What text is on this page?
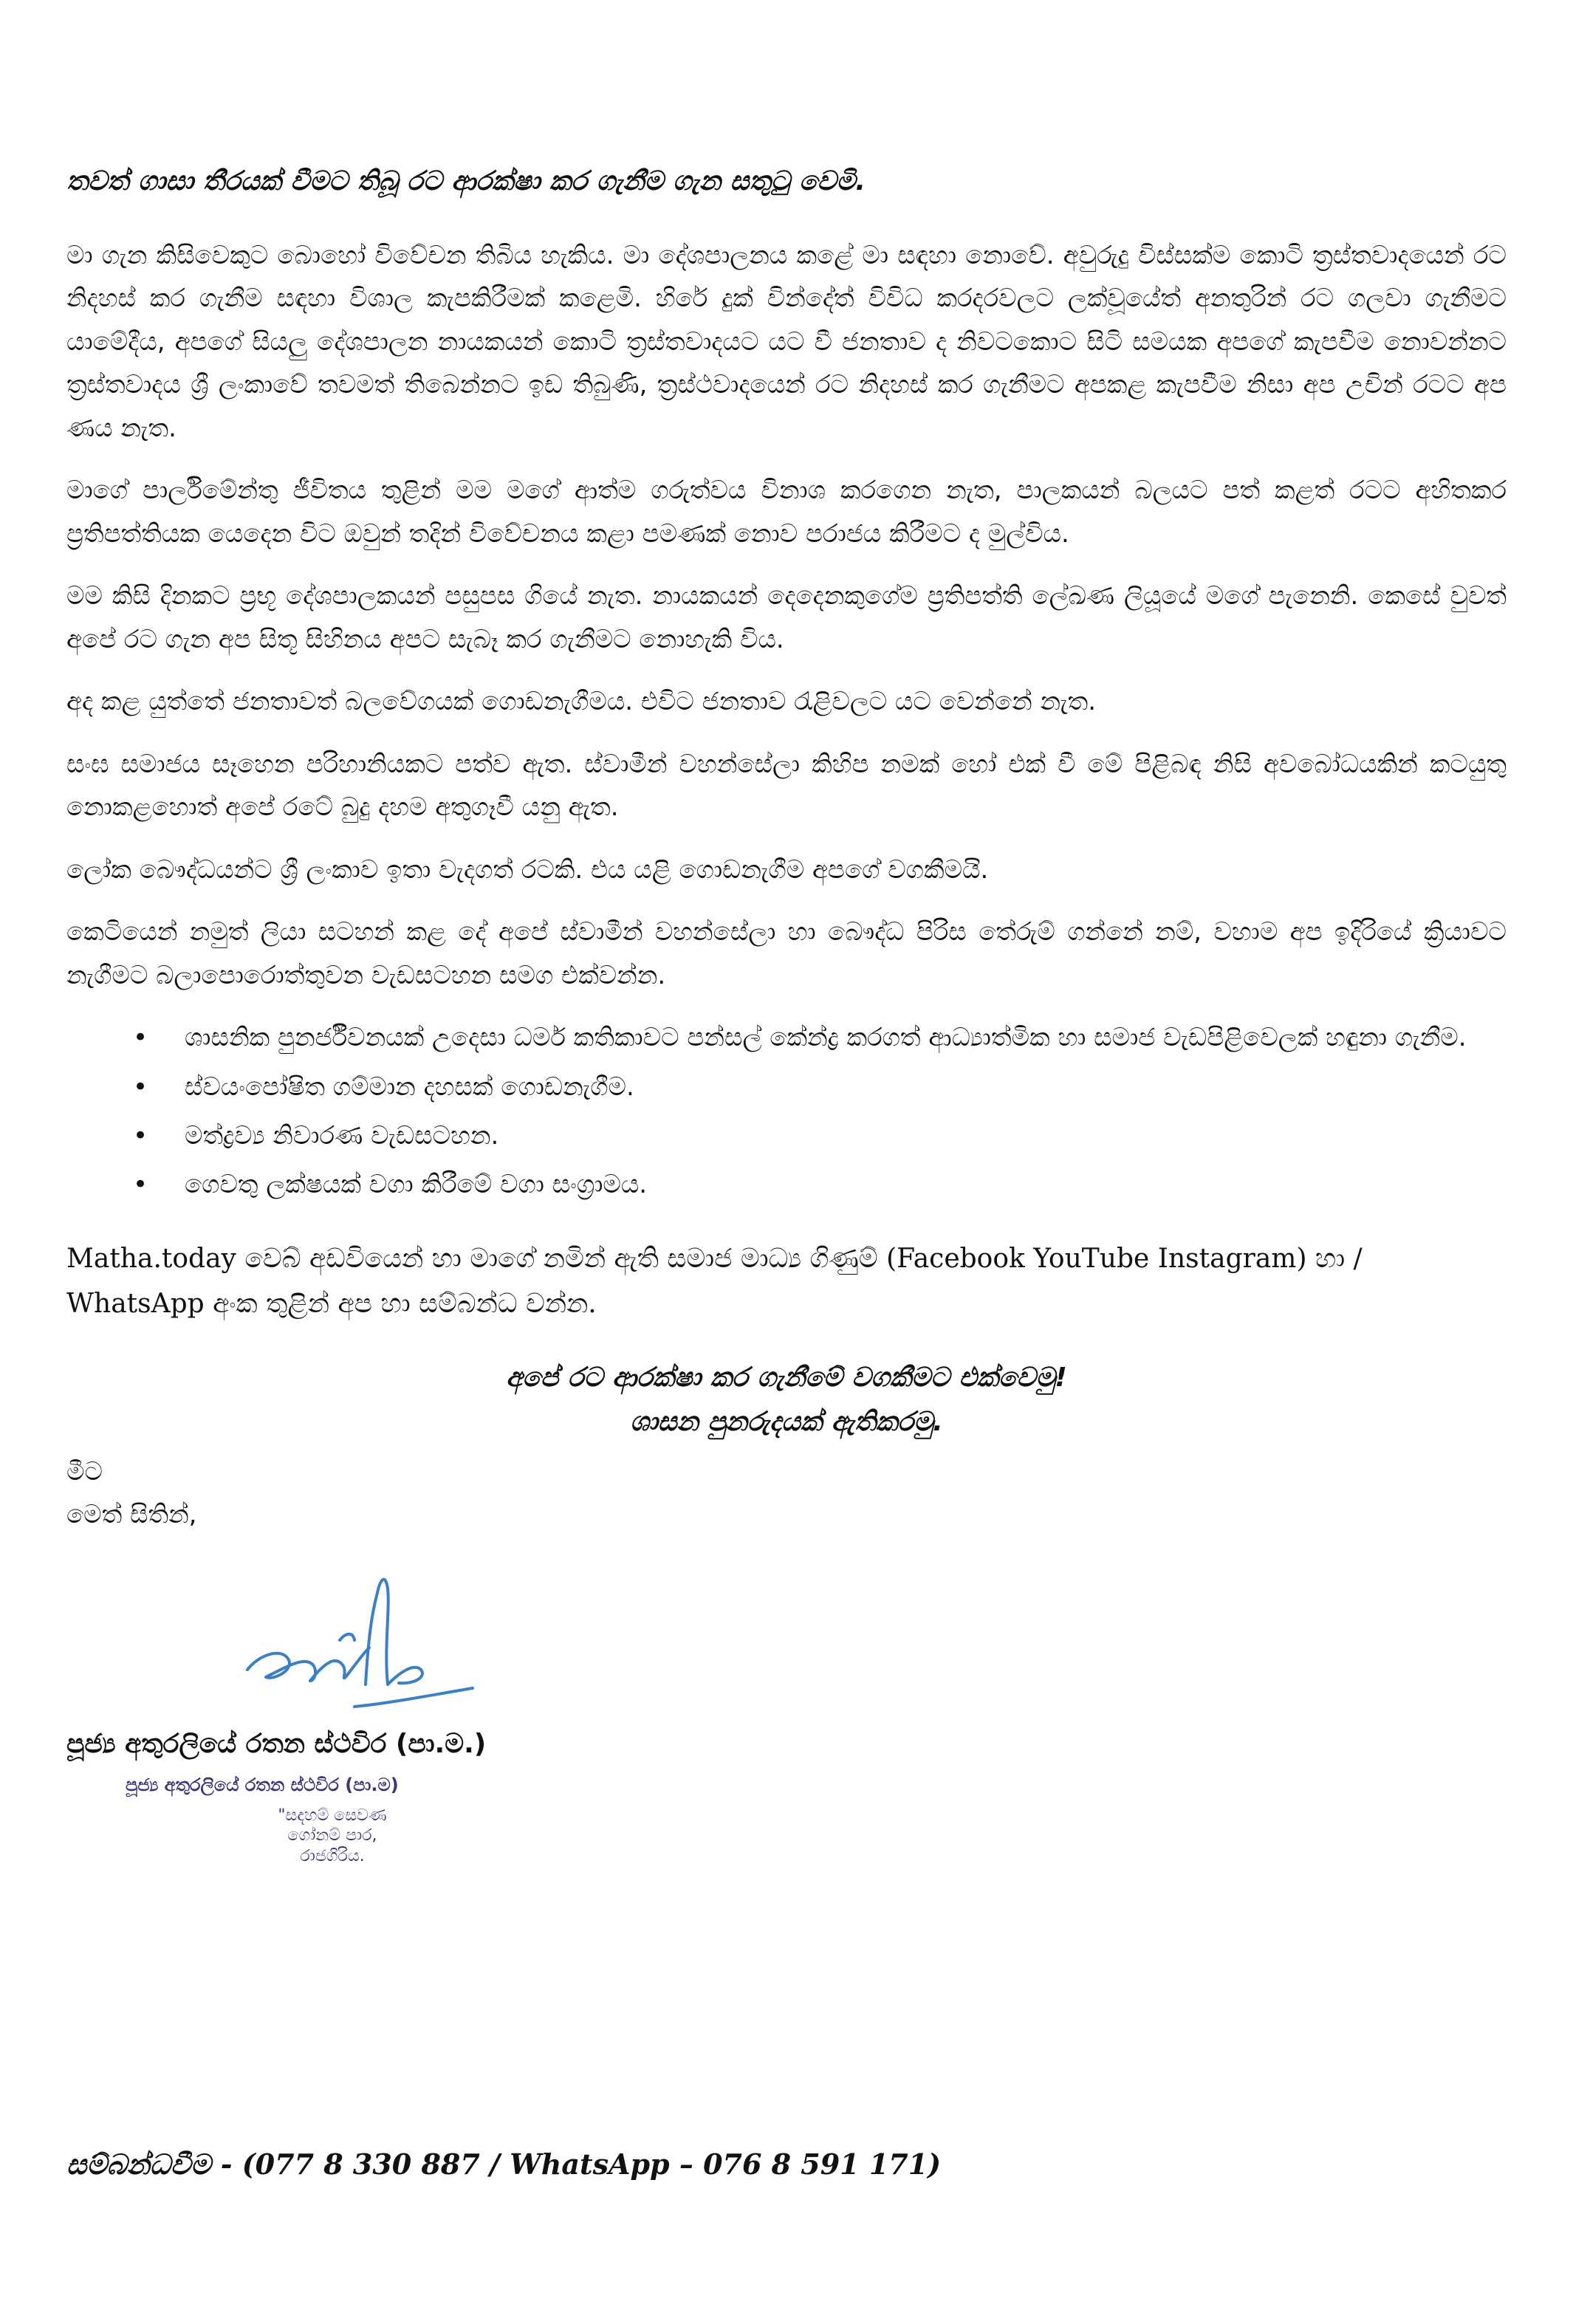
තවත් ගාසා තීරයක් වීමට තිබූ රට ආරක්ෂා කර ගැනීම ගැන සතුටු වෙමි.

මා ගැන කිසිවෙකුට බොහෝ විවේචන තිබිය හැකිය. මා දේශපාලනය කළේ මා සඳහා නොවේ. අවුරුදු විස්සක්ම කොටි ත්‍රස්තවාදයෙන් රට නිදහස් කර ගැනීම සඳහා විශාල කැපකිරීමක් කළෙමි. හිරේ දුක් වින්දේත් විවිධ කරදරවලට ලක්වූයේත් අනතුරින් රට ගලවා ගැනීමට යාමේදීය, අපගේ සියලු දේශපාලන නායකයන් කොටි ත්‍රස්තවාදයට යට වී ජනතාව ද නිවටකොට සිටි සමයක අපගේ කැපවීම නොවන්නට ත්‍රස්තවාදය ශ්‍රී ලංකාවේ තවමත් තිබෙන්නට ඉඩ තිබුණි, ත්‍රස්ථවාදයෙන් රට නිදහස් කර ගැනීමට අපකළ කැපවීම නිසා අප උචින් රටට අප ණය නැත.

මාගේ පාර්ලිමේන්තු ජීවිතය තුළින් මම මගේ ආත්ම ගරුත්වය විනාශ කරගෙන නැත, පාලකයන් බලයට පත් කළත් රටට අහිතකර ප්‍රතිපත්තියක යෙදෙන විට ඔවුන් තදින් විවේචනය කළා පමණක් නොව පරාජය කිරීමට ද මුල්විය.

මම කිසි දිනකට ප්‍රභූ දේශපාලකයන් පසුපස ගියේ නැත. නායකයන් දෙදෙනකුගේම ප්‍රතිපත්ති ලේඛණ ලියූයේ මගේ පැනෙනි. කෙසේ වුවත් අපේ රට ගැන අප සිතූ සිහිනය අපට සැබෑ කර ගැනීමට නොහැකි විය.

අද කළ යුත්තේ ජනතාවත් බලවේගයක් ගොඩනැගීමය. එවිට ජනතාව රැළිවලට යට වෙන්නේ නැත.

සංඝ සමාජය සෑහෙන පරිහානියකට පත්ව ඇත. ස්වාමීන් වහන්සේලා කිහිප නමක් හෝ එක් වී මේ පිළිබඳ නිසි අවබෝධයකින් කටයුතු නොකළහොත් අපේ රටේ බුදු දහම අතුගෑවී යනු ඇත.

ලෝක බෞද්ධයන්ට ශ්‍රී ලංකාව ඉතා වැදගත් රටකි. එය යළි ගොඩනැගීම අපගේ වගකීමයි.

කෙටියෙන් නමුත් ලියා සටහන් කළ දේ අපේ ස්වාමීන් වහන්සේලා හා බෞද්ධ පිරිස තේරුම් ගන්නේ නම්, වහාම අප ඉදිරියේ ක්‍රියාවට නැගීමට බලාපොරොත්තුවන වැඩසටහන සමග එක්වන්න.

• ශාසනික පුනර්ජීවනයක් උදෙසා ධර්ම කතිකාවට පන්සල් කේන්ද්‍ර කරගත් ආධ්‍යාත්මික හා සමාජ වැඩපිළිවෙලක් හඳුනා ගැනීම.
• ස්වයංපෝෂිත ගම්මාන දහසක් ගොඩනැගීම.
• මත්ද්‍රව්‍ය නිවාරණ වැඩසටහන.
• ගෙවතු ලක්ෂයක් වගා කිරීමේ වගා සංග්‍රාමය.

Matha.today වෙබ් අඩවියෙන් හා මාගේ නමින් ඇති සමාජ මාධ්‍ය ගිණුම් (Facebook YouTube Instagram) හා / WhatsApp අංක තුළින් අප හා සම්බන්ධ වන්න.

අපේ රට ආරක්ෂා කර ගැනීමේ වගකීමට එක්වෙමු!
ශාසන පුනරුදයක් ඇතිකරමු.

මීට

මෙත් සිතින්,

පූජ්‍ය අතුරලියේ රතන ස්ථවිර (පා.ම.)

පූජ්‍ය අතුරලියේ රතන ස්ථවිර (පා.ම)
"සදහම් සෙවණ
ගෝනම් පාර,
රාජගිරිය.

සම්බන්ධවීම - (077 8 330 887 / WhatsApp – 076 8 591 171)
